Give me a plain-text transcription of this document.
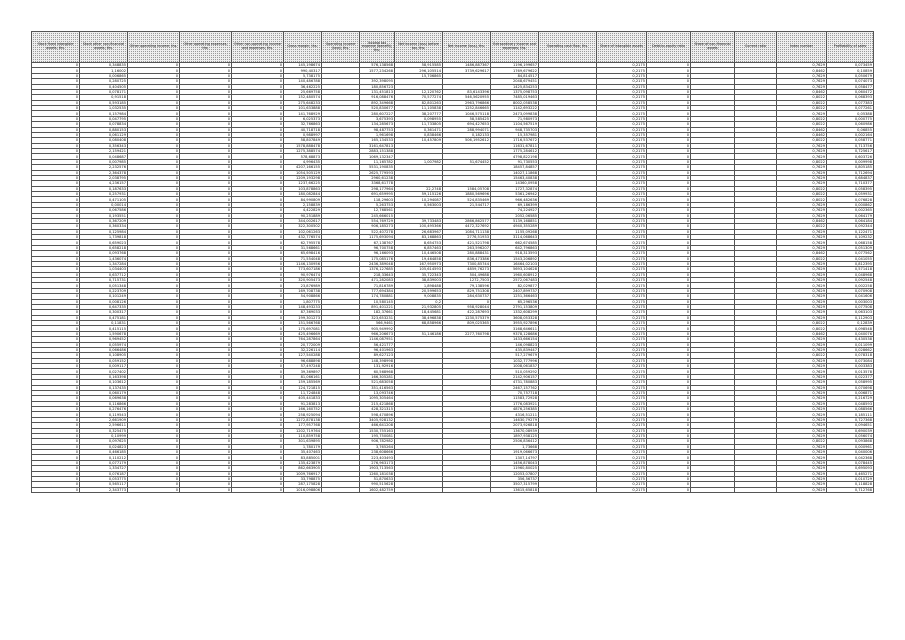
Stock fixed intangible assets, ths.	Stock other non-financial assets, ths.	Other operating income, ths.	Other operating expenses, ths.	Other non-operating income and expenses, ths.	Gross margin, ths.	Operating income (loss), ths.	Income tax expense (benefit), ths.	Net income (loss) before tax, ths.	Net income (loss), ths.	Extraordinary income and expenses, ths.	Operating cash flow, ths.	Share of intangible assets	Debt-to-equity ratio	Share of non-financial assets	Current ratio	Index number	Profitability of sales
0	0,348835	0	0	0	145,198674		576,138568	58,915585	1486,887367	1196,199657		0,2175	0			0,7629	0,073459
0	1,16002	0	0	0	990,40317		1577,234268	296,105514	3739,629617	1769,679622		0,2175	0			0,8462	0,10859
0	0,006865	0	0	0	5,738175			15,706865		84,814517		0,2175	0			0,7629	0,050679
0	0,280725	0	0	0	140,486788		392,398095			2048,679451		0,2175	0			0,7629	0,074073
0	0,404505	0	0	0	36,462225		180,856723			1425,834253		0,2175	0			0,7629	0,058477
0	0,078171	0	0	0	25,669758		131,451813	12,120762	83,6143396	1375,098753		0,2175	0			0,8462	0,060472
0	0,91518	0	0	0	152,480574		916,088476	70,577274	546,5620955	7485,019463		0,2175	0			0,8022	0,068393
0	0,593185	0	0	0	275,648233		892,349668	82,801263	2963,796866	8002,058538		0,2175	0			0,8022	0,077383
0	1,032535	0	0	0	101,633888		520,830677	11,105838	1252,846665	1142,693222		0,2175	0			0,8022	0,077261
0	0,157984	0	0	0	141,768929		280,607227	38,207777	1046,575118	2473,099838		0,2175	0			0,7629	0,05388
0	0,047795	0	0	0	6,025373		3,675393	0,098955	58,585425	71,980973		0,2175	0			0,8022	0,000775
0	0,078834	0	0	0	32,766863		134,285673	11,733805	694,427653	1104,567519		0,2175	0			0,8022	0,060986
0	0,880153	0	0	0	40,718718		98,487753	0,361471	288,994071	948,735703		0,2175	0			0,8462	0,06855
0	0,061129	0	0	0	0,988997		1,961698	0,838466	0,182133	15,357981		0,2175	0			0,8462	0,002164
0	0,080408	0	0	0	58,807849		165,134533	10,457809	506,1952612	1716,537672		0,2175	0			0,8022	0,058771
0	0,356343	0	0	0	1578,888478		3161,647813			11631,67811		0,2175	0			0,7629	0,713756
0	2,159421	0	0	0	1275,388574		2883,151388			1775,284612		0,2175	0			0,7629	0,725617
0	0,048687	0	0	0	578,68873		1069,132347			4798,822198		0,2175	0			0,7629	0,603726
0	0,007985	0	0	0	4,996435		11,165782	1,007982	51,674452	91,730553		0,2175	0			0,8022	0,009998
0	2,232576	0	0	0	4207,166155		5531,190835			18457,84857		0,2175	0			0,7629	0,805185
0	2,364378	0	0	0	1054,505129		2625,779593			14027,11868		0,2175	0			0,7629	0,712694
0	2,038795	0	0	0	1209,193298		2960,61238			15463,40838		0,2175	0			0,7629	0,684837
0	4,236157	0	0	0	1237,66225		3368,61778			14360,0958		0,2175	0			0,7629	0,710377
0	0,187633	0	0	0	103,878863		298,177964	22,2748	1584,05708	1727,32874		0,2175	0			0,8022	0,058395
0	0,257931	0	0	0	180,082844		691,659995	59,115126	1880,569696	5361,26942		0,2175	0			0,8022	0,059931
0	0,471105	0	0	0	84,990809		118,29603	10,294087	524,835469	966,482636		0,2175	0			0,8022	0,076828
0	0,00014	0	0	0	2,158839		5,263753	0,563003	21,544717	69,186399		0,2175	0			0,7629	0,000862
0	0,067586	0	0	0	4,422829		12,768561			74,224927		0,2175	0			0,7629	0,002365
0	0,193551	0	0	0	90,251889		245,666015			2052,06585		0,2175	0			0,7629	0,064179
0	0,367209	0	0	0	344,002617		554,769729	39,733483	2866,862577	5139,168851		0,2175	0			0,8462	0,064184
0	0,360334	0	0	0	322,300502		906,185273	100,495366	4472,327692	4940,355289		0,2175	0			0,8022	0,092344
0	0,125984	0	0	0	102,061263		522,407278	26,683967	1084,711138	1155,09268		0,2175	0			0,7629	0,122471
0	1,739818	0	0	0	432,776574		1175,693094	83,168863	2776,51933	3114,068643		0,2175	0			0,7629	0,109232
0	0,659023	0	0	0	62,795578		67,138767	8,654753	421,521798	662,674585		0,2175	0			0,7629	0,068158
0	0,658218	0	0	0	31,568661		96,700758	6,857463	263,596207	642,796863		0,2175	0			0,7629	0,051309
0	0,093768	0	0	0	65,698416		96,166093	10,446508	280,888431	918,313593		0,2175	0			0,8462	0,077562
0	1,436074	0	0	0	71,554048		175,085176	19,464858	836,473386	1543,206892		0,2175	0			0,8022	0,041055
0	1,347284	0	0	0	1146,130956		2436,389048	167,950973	7300,85744	16464,02103		0,2175	0			0,7629	0,812395
0	1,034403	0	0	0	773,607186		1376,127685	105,614593	4859,76273	5693,104628		0,2175	0			0,7629	0,571418
0	0,637712	0	0	0	90,976474		218,33643	35,722343	504,49688	1960,608912		0,2175	0			0,7629	0,048968
0	0,715731	0	0	0	320,905473		471,282083	38,839003	1272,7503	2572,067483		0,2175	0			0,7629	0,092548
0	0,051348	0	0	0	23,876989		71,816789	1,898488	79,138596	82,029877		0,2175	0			0,7629	0,002258
0	0,223709	0	0	0	169,708738		777,694384	20,599653	829,751308	2407,899737		0,2175	0			0,7629	0,070908
0	0,101249	0	0	0	54,908866		174,780881	9,008835	284,630737	1251,366463		0,2175	0			0,7629	0,041606
0	0,008126	0	0	0	1,807775		10,580145	0,2	0	65,296536		0,2175	0			0,7629	0,003003
0	0,647335	0	0	0	148,493233		891,401221	21,932805	958,928044	2791,153809		0,2175	0			0,7629	0,077508
0	0,300317	0	0	0	87,369033		182,37661	18,445681	422,287693	1332,608299		0,2175	0			0,7629	0,063103
0	0,475181	0	0	0	199,301273		323,653231	38,496838	1230,575379	3608,053328		0,2175	0			0,7629	0,112903
0	0,11831	0	0	0	151,566768		566,9461	68,858966	809,025365	3955,927896		0,2175	0			0,8022	0,12839
0	0,415115	0	0	0	175,697081		905,949992			3168,646611		0,2175	0			0,8022	0,098548
0	1,590678	0	0	0	425,496669		966,206673	51,146186	2277,760798	9378,128686		0,2175	0			0,8462	0,040076
0	0,969452	0	0	0	764,287864		1146,087951			1433,666154		0,2175	0			0,7629	0,430538
0	0,055974	0	0	0	20,772009		56,421777			146,098823		0,2175	0			0,7629	0,011099
0	0,066486	0	0	0	32,226114		96,401963			435,839447		0,2175	0			0,7629	0,028662
0	0,108905	0	0	0	127,540288		89,627123			517,279679		0,2175	0			0,8022	0,078318
0	0,059152	0	0	0	96,688898		148,398998			1032,777996		0,2175	0			0,7629	0,073084
0	0,009117	0	0	0	57,497248		131,92916			1008,061837		0,2175	0			0,7629	0,003383
0	0,027402	0	0	0	39,369897		60,568968			510,059292		0,2175	0			0,7629	0,013578
0	0,163398	0	0	0	81,066161		166,305281			2142,906157		0,2175	0			0,7629	0,022377
0	0,103612	0	0	0	159,185569		521,683058			4731,780883		0,2175	0			0,7629	0,058995
0	0,137435	0	0	0	124,721815		351,416563			2467,157762		0,2175	0			0,7629	0,070698
0	0,060179	0	0	0	11,724848		13,093746			70,757718		0,2175	0			0,7629	0,006871
0	0,069638	0	0	0	405,441833		1095,305464			11583,72928		0,2175	0			0,7629	0,216729
0	0,116866	0	0	0	91,283813		215,421868			1776,083921		0,2175	0			0,7629	0,048593
0	0,276476	0	0	0	166,160752		428,321315			4876,256385		0,2175	0			0,7629	0,088566
0	0,119543	0	0	0	258,925094		598,470896			4316,51211		0,2175	0			0,7629	0,185111
0	2,661909	0	0	0	1272,878138		3405,928132			14630,79279		0,2175	0			0,7629	0,727368
0	2,596611	0	0	0	177,957768		466,641208			2073,926818		0,2175	0			0,7629	0,094651
0	0,325475	0	0	0	1202,719764		1530,755163			13670,08939		0,2175	0			0,7629	0,690039
0	0,10999	0	0	0	110,859758		195,750081			1897,938125		0,2175	0			0,7629	0,056074
0	0,097625	0	0	0	301,639895		906,782982			2506,836412		0,2175	0			0,8022	0,093868
0	0,024823	0	0	0	1,780179		3,765264			1,73668		0,2175	0			0,7629	0,000961
0	0,466185	0	0	0	35,407463		238,608666			1919,066673		0,2175	0			0,7629	0,040006
0	0,110212	0	0	0	83,885001		223,403493			1307,14797		0,2175	0			0,7629	0,042368
0	0,077179	0	0	0	135,423879		276,963173			1456,878043		0,2175	0			0,7629	0,078445
0	1,334727	0	0	0	862,663905		1903,713563			11960,80025		0,2175	0			0,7629	0,695093
0	0,076187	0	0	0	1009,766917		1260,181038			12053,07807		0,2175	0			0,7629	0,465271
0	0,053775	0	0	0	33,798875		51,870633			356,56737		0,2175	0			0,7629	0,010729
0	0,565117	0	0	0	287,175828		990,515628			3507,315799		0,2175	0			0,7629	0,118828
0	2,343773	0	0	0	1016,098806		1602,482759			13615,65818		0,2175	0			0,7629	0,712768
